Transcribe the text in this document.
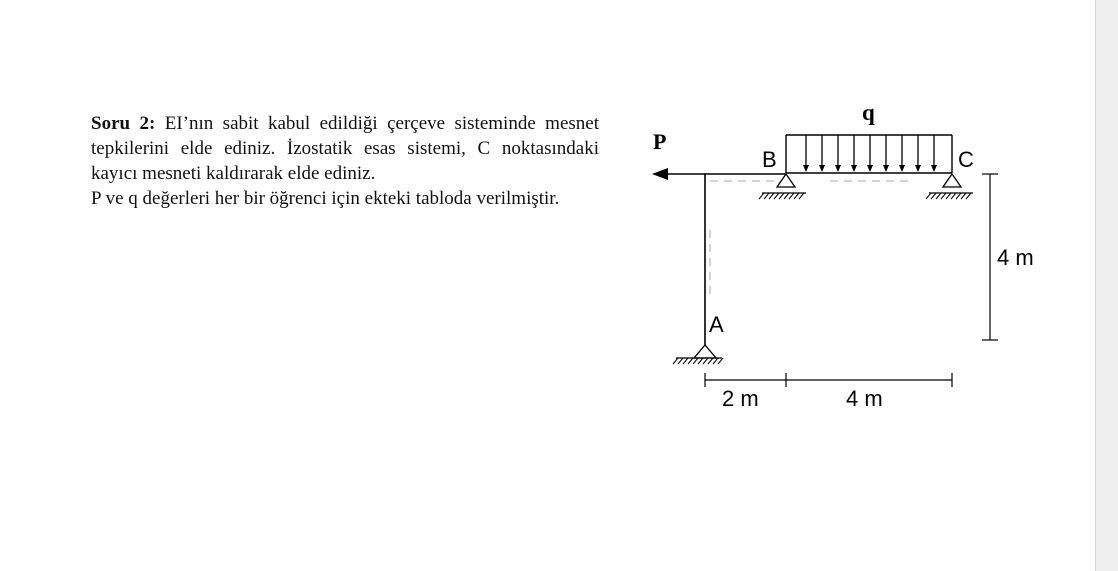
Soru 2: EI’nın sabit kabul edildiği çerçeve sisteminde mesnet tepkilerini elde ediniz. İzostatik esas sistemi, C noktasındaki kayıcı mesneti kaldırarak elde ediniz.

P ve q değerleri her bir öğrenci için ekteki tabloda verilmiştir.

P
q
B	C
A
2 m	4 m
4 m
